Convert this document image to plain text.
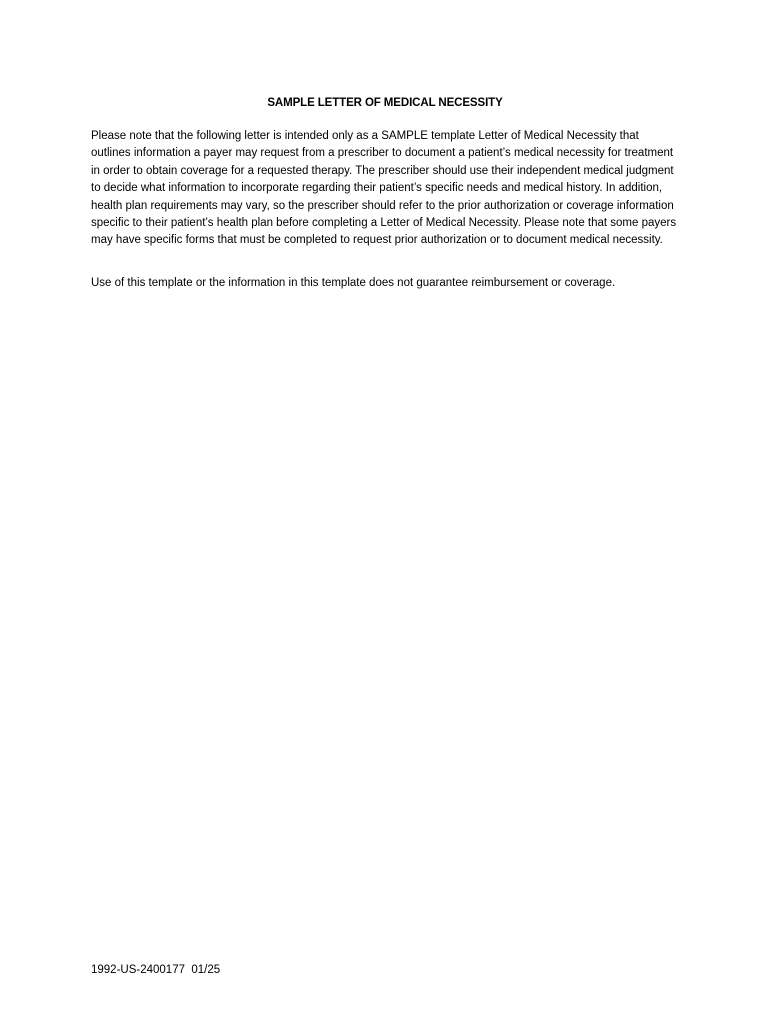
SAMPLE LETTER OF MEDICAL NECESSITY

Please note that the following letter is intended only as a SAMPLE template Letter of Medical Necessity that outlines information a payer may request from a prescriber to document a patient’s medical necessity for treatment in order to obtain coverage for a requested therapy. The prescriber should use their independent medical judgment to decide what information to incorporate regarding their patient’s specific needs and medical history. In addition, health plan requirements may vary, so the prescriber should refer to the prior authorization or coverage information specific to their patient’s health plan before completing a Letter of Medical Necessity. Please note that some payers may have specific forms that must be completed to request prior authorization or to document medical necessity.

Use of this template or the information in this template does not guarantee reimbursement or coverage.

1992-US-2400177  01/25
